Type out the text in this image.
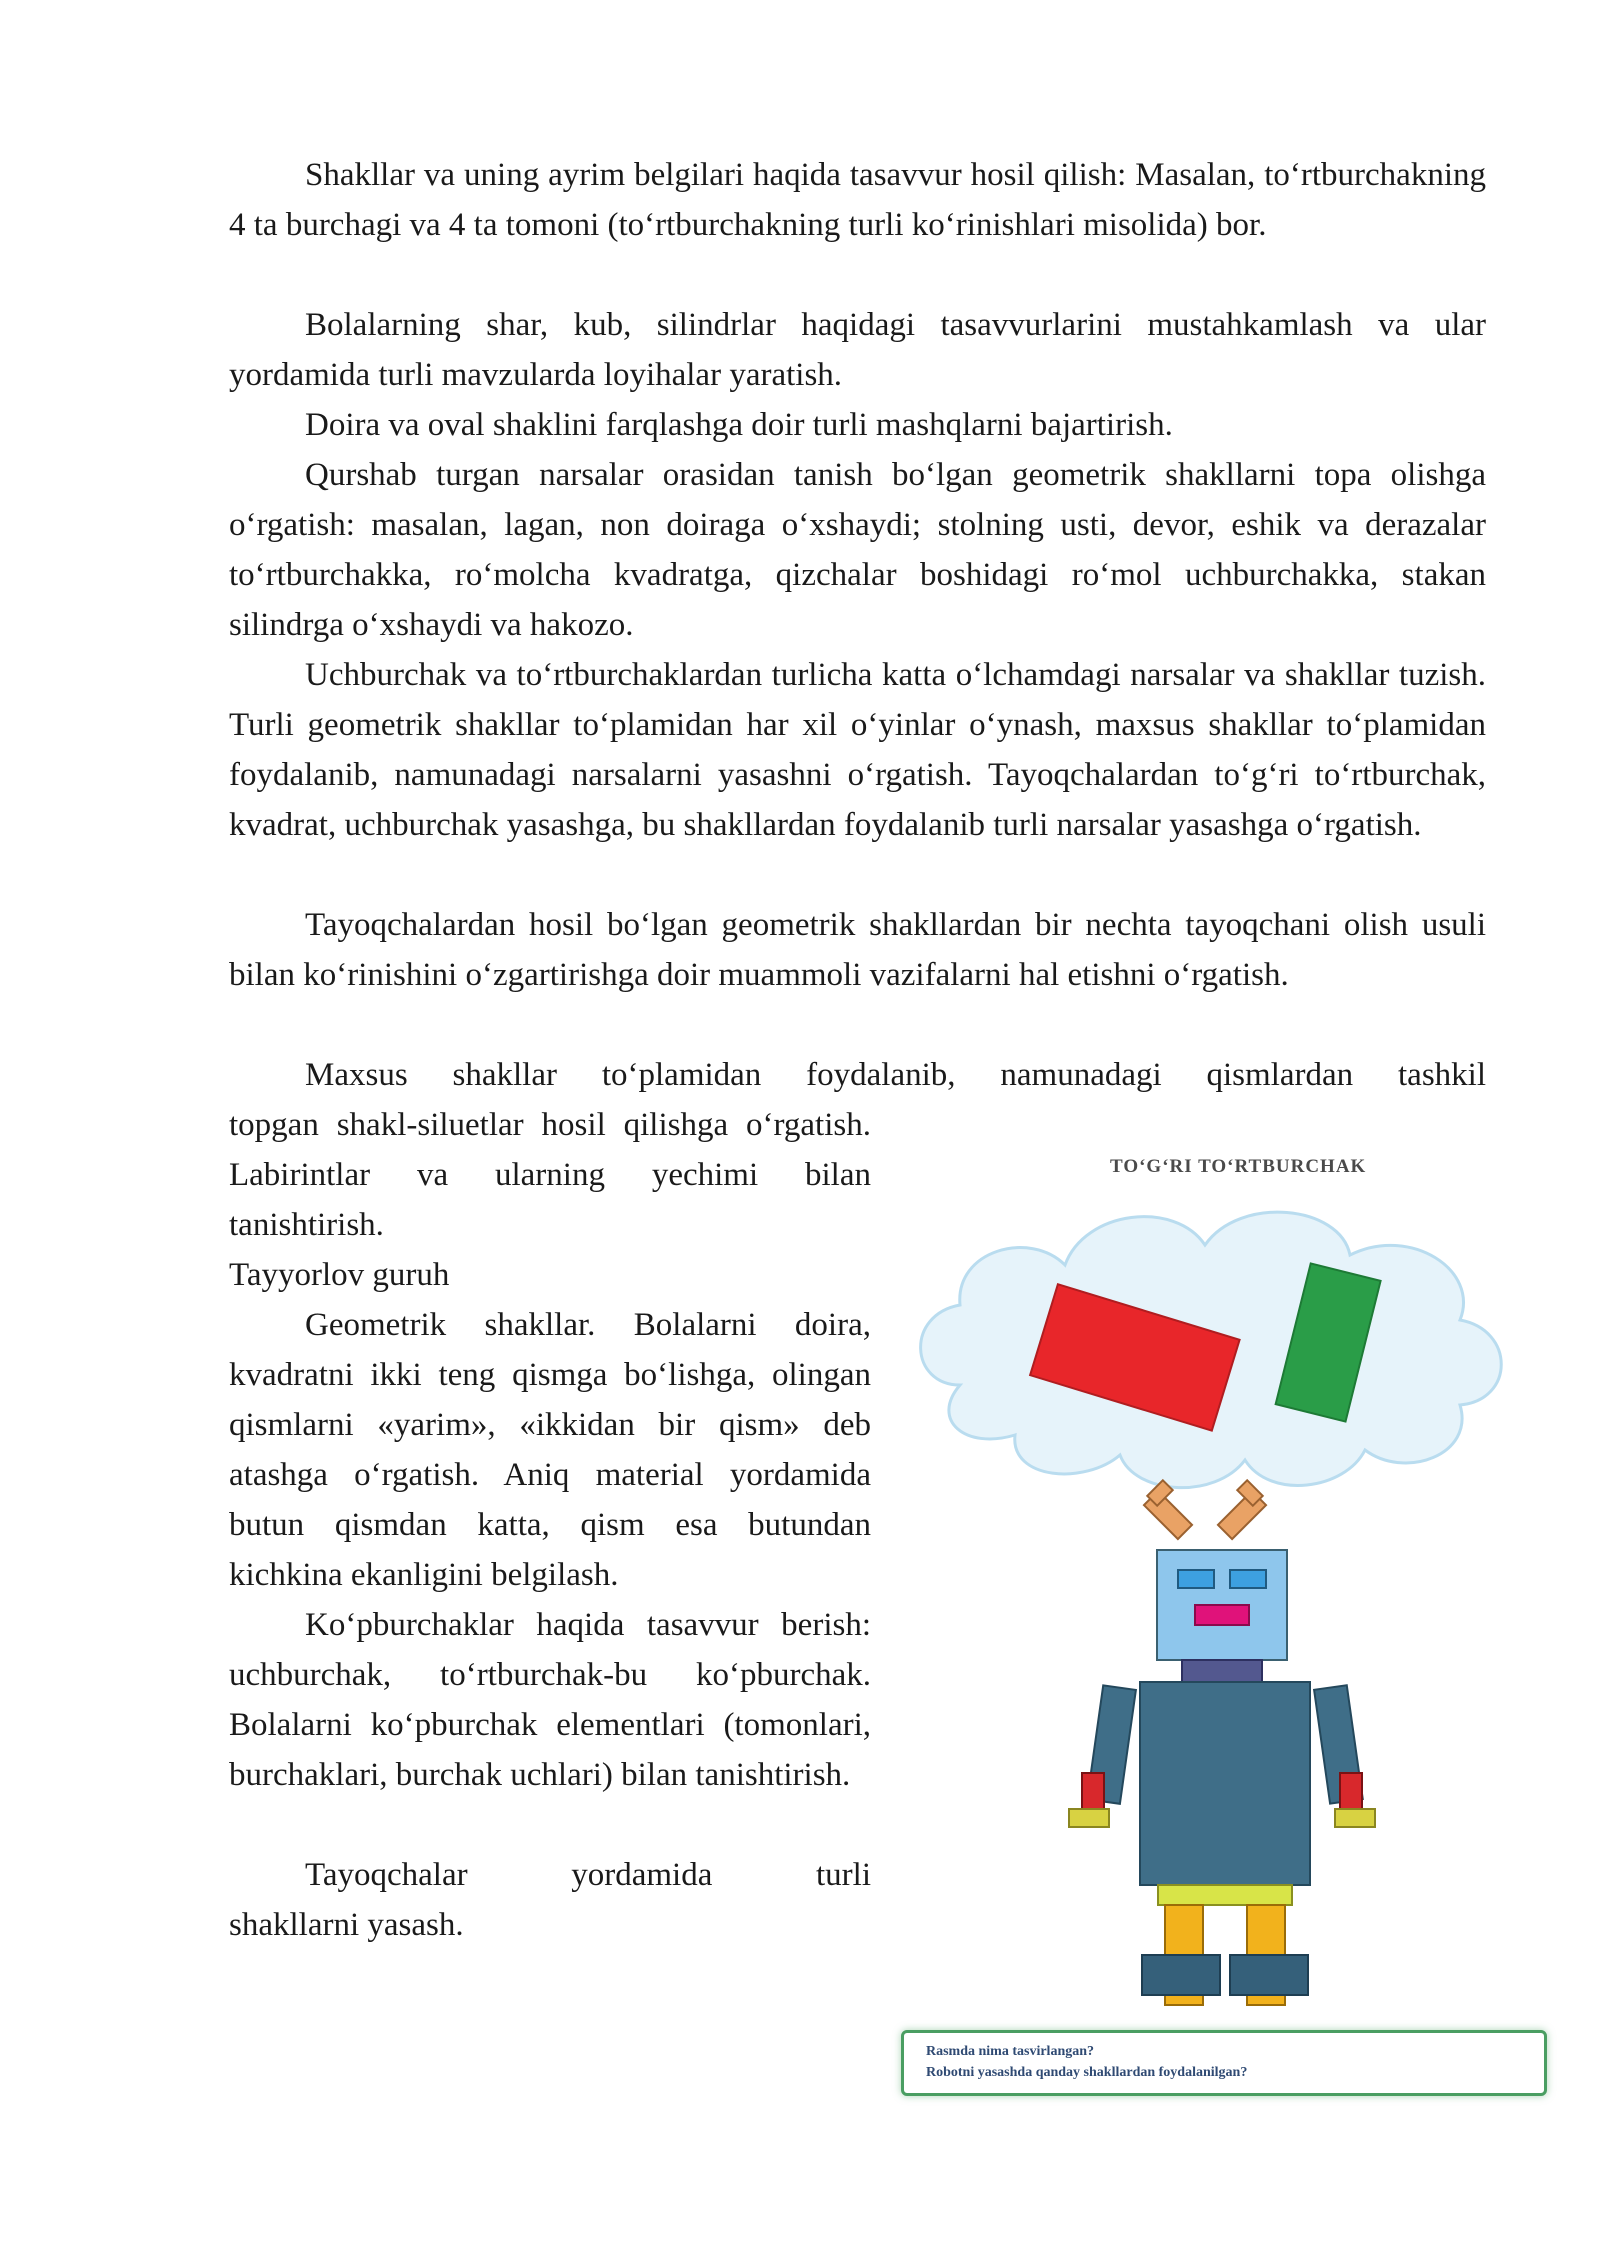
Shakllar va uning ayrim belgilari haqida tasavvur hosil qilish: Masalan, to‘rtburchakning 4 ta burchagi va 4 ta tomoni (to‘rtburchakning turli ko‘rinishlari misolida) bor.
Bolalarning shar, kub, silindrlar haqidagi tasavvurlarini mustahkamlash va ular yordamida turli mavzularda loyihalar yaratish.
Doira va oval shaklini farqlashga doir turli mashqlarni bajartirish.
Qurshab turgan narsalar orasidan tanish bo‘lgan geometrik shakllarni topa olishga o‘rgatish: masalan, lagan, non doiraga o‘xshaydi; stolning usti, devor, eshik va derazalar to‘rtburchakka, ro‘molcha kvadratga, qizchalar boshidagi ro‘mol uchburchakka, stakan silindrga o‘xshaydi va hakozo.
Uchburchak va to‘rtburchaklardan turlicha katta o‘lchamdagi narsalar va shakllar tuzish. Turli geometrik shakllar to‘plamidan har xil o‘yinlar o‘ynash, maxsus shakllar to‘plamidan foydalanib, namunadagi narsalarni yasashni o‘rgatish. Tayoqchalardan to‘g‘ri to‘rtburchak, kvadrat, uchburchak yasashga, bu shakllardan foydalanib turli narsalar yasashga o‘rgatish.
Tayoqchalardan hosil bo‘lgan geometrik shakllardan bir nechta tayoqchani olish usuli bilan ko‘rinishini o‘zgartirishga doir muammoli vazifalarni hal etishni o‘rgatish.
Maxsus shakllar to‘plamidan foydalanib, namunadagi qismlardan tashkil
topgan shakl-siluetlar hosil qilishga o‘rgatish. Labirintlar va ularning yechimi bilan tanishtirish.
Tayyorlov guruh
Geometrik shakllar. Bolalarni doira, kvadratni ikki teng qismga bo‘lishga, olingan qismlarni «yarim», «ikkidan bir qism» deb atashga o‘rgatish. Aniq material yordamida butun qismdan katta, qism esa butundan kichkina ekanligini belgilash.
Ko‘pburchaklar haqida tasavvur berish: uchburchak, to‘rtburchak-bu ko‘pburchak. Bolalarni ko‘pburchak elementlari (tomonlari, burchaklari, burchak uchlari) bilan tanishtirish.
Tayoqchalar yordamida turli
shakllarni yasash.
TO‘G‘RI TO‘RTBURCHAK
Rasmda nima tasvirlangan?
Robotni yasashda qanday shakllardan foydalanilgan?
